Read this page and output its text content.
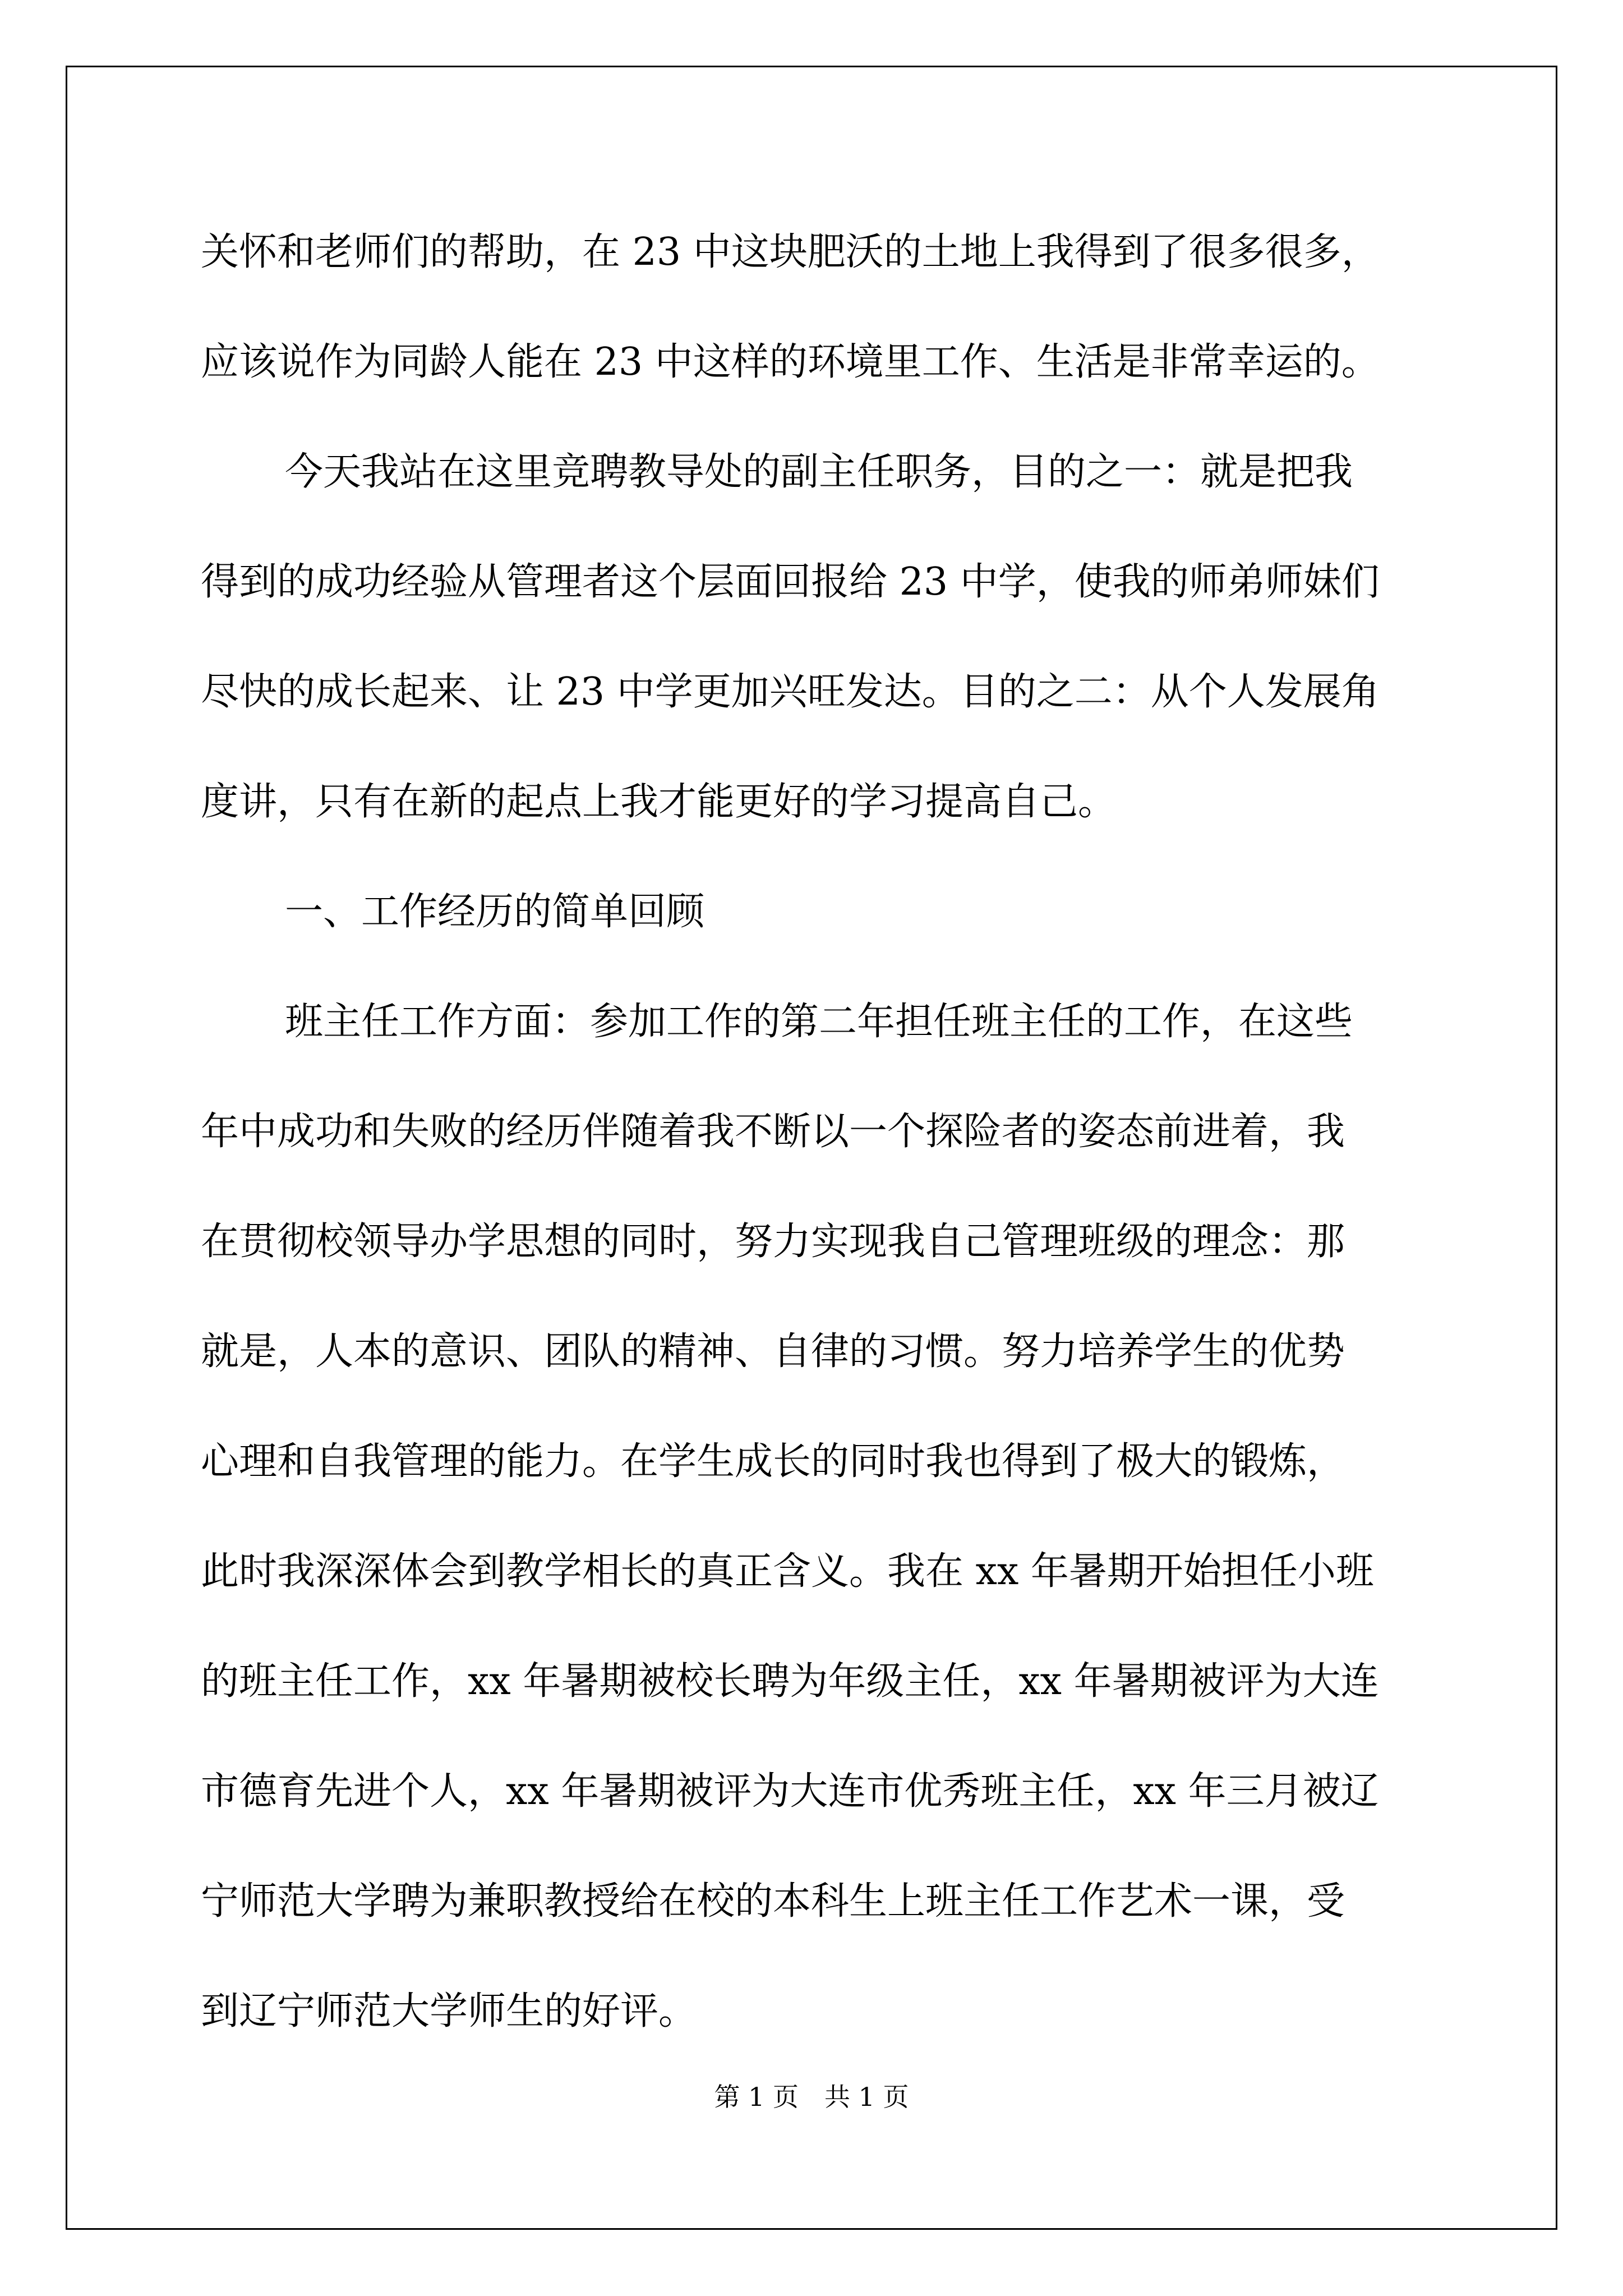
关怀和老师们的帮助，在 23 中这块肥沃的土地上我得到了很多很多，
应该说作为同龄人能在 23 中这样的环境里工作、生活是非常幸运的。
今天我站在这里竞聘教导处的副主任职务，目的之一：就是把我
得到的成功经验从管理者这个层面回报给 23 中学，使我的师弟师妹们
尽快的成长起来、让 23 中学更加兴旺发达。目的之二：从个人发展角
度讲，只有在新的起点上我才能更好的学习提高自己。
一、工作经历的简单回顾
班主任工作方面：参加工作的第二年担任班主任的工作，在这些
年中成功和失败的经历伴随着我不断以一个探险者的姿态前进着，我
在贯彻校领导办学思想的同时，努力实现我自己管理班级的理念：那
就是，人本的意识、团队的精神、自律的习惯。努力培养学生的优势
心理和自我管理的能力。在学生成长的同时我也得到了极大的锻炼，
此时我深深体会到教学相长的真正含义。我在 xx 年暑期开始担任小班
的班主任工作，xx 年暑期被校长聘为年级主任，xx 年暑期被评为大连
市德育先进个人，xx 年暑期被评为大连市优秀班主任，xx 年三月被辽
宁师范大学聘为兼职教授给在校的本科生上班主任工作艺术一课，受
到辽宁师范大学师生的好评。
第 1 页　共 1 页
